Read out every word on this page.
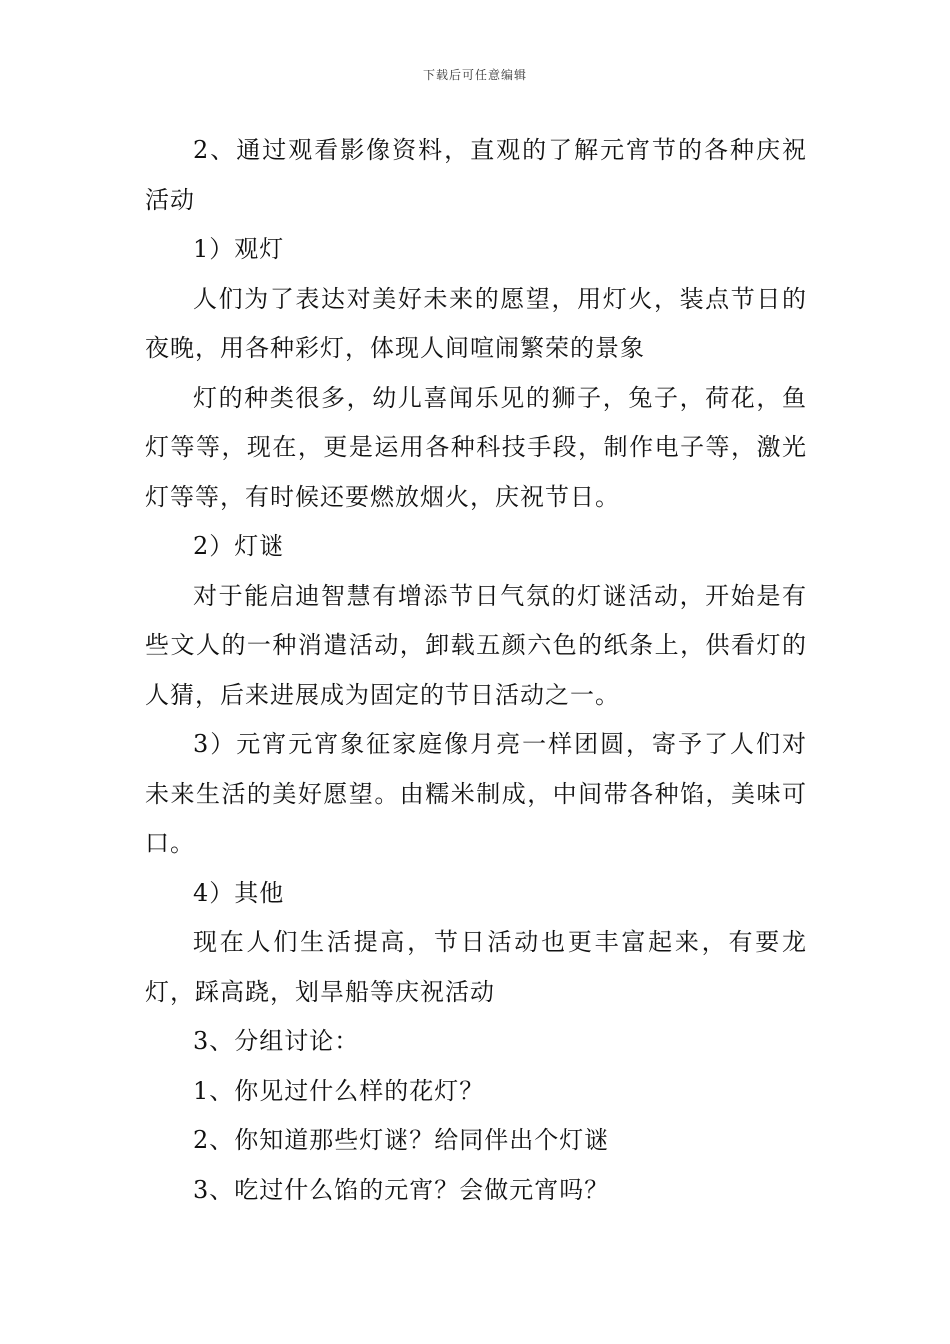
下载后可任意编辑

2、通过观看影像资料，直观的了解元宵节的各种庆祝活动

1）观灯

人们为了表达对美好未来的愿望，用灯火，装点节日的夜晚，用各种彩灯，体现人间喧闹繁荣的景象

灯的种类很多，幼儿喜闻乐见的狮子，兔子，荷花，鱼灯等等，现在，更是运用各种科技手段，制作电子等，激光灯等等，有时候还要燃放烟火，庆祝节日。

2）灯谜

对于能启迪智慧有增添节日气氛的灯谜活动，开始是有些文人的一种消遣活动，卸载五颜六色的纸条上，供看灯的人猜，后来进展成为固定的节日活动之一。

3）元宵元宵象征家庭像月亮一样团圆，寄予了人们对未来生活的美好愿望。由糯米制成，中间带各种馅，美味可口。

4）其他

现在人们生活提高，节日活动也更丰富起来，有要龙灯，踩高跷，划旱船等庆祝活动

3、分组讨论：

1、你见过什么样的花灯？

2、你知道那些灯谜？给同伴出个灯谜

3、吃过什么馅的元宵？会做元宵吗？
